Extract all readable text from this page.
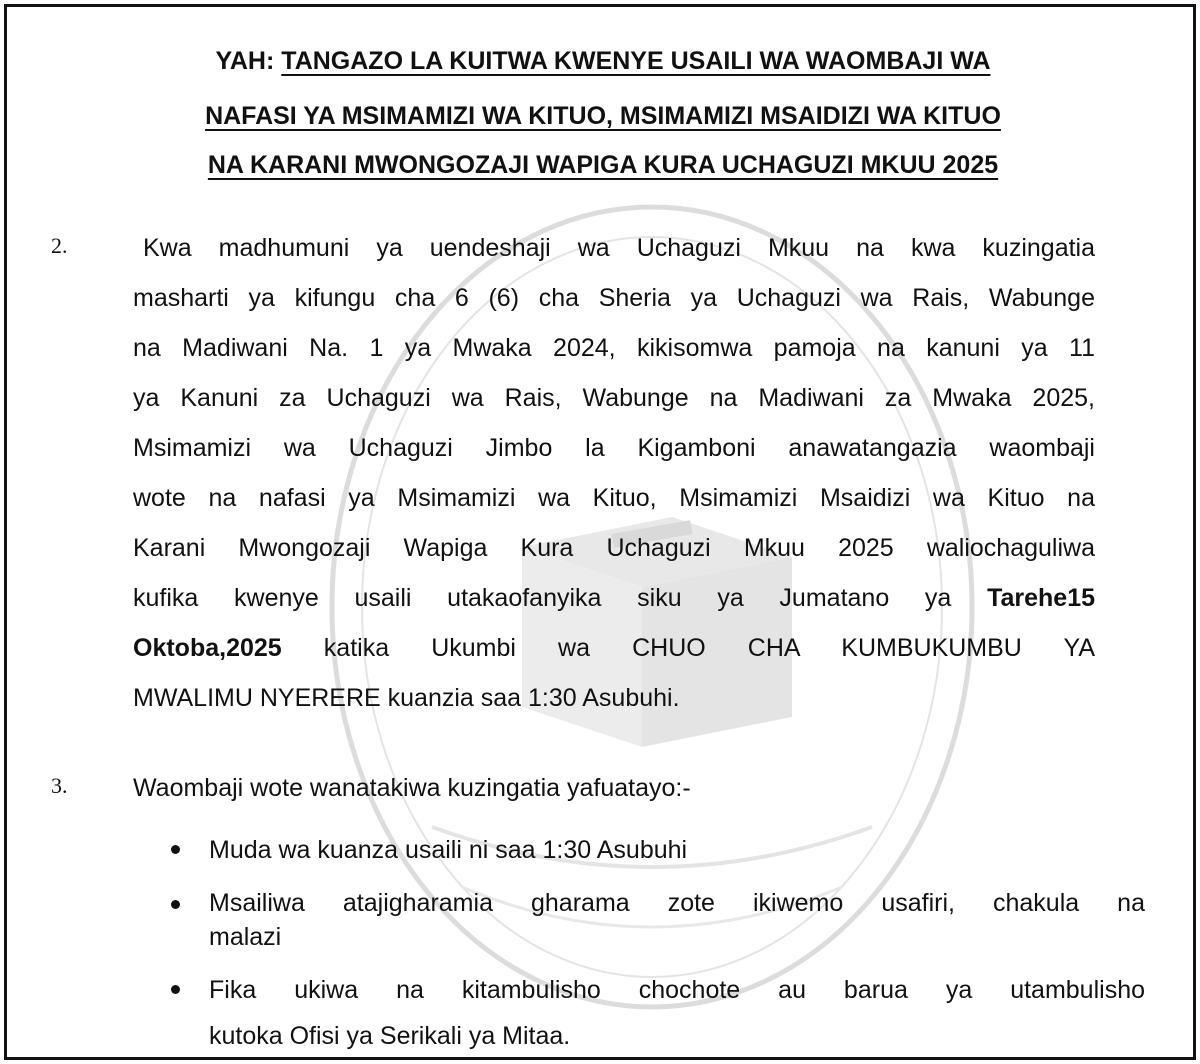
YAH: TANGAZO LA KUITWA KWENYE USAILI WA WAOMBAJI WA
NAFASI YA MSIMAMIZI WA KITUO, MSIMAMIZI MSAIDIZI WA KITUO
NA KARANI MWONGOZAJI WAPIGA KURA UCHAGUZI MKUU 2025
2.	Kwa madhumuni ya uendeshaji wa Uchaguzi Mkuu na kwa kuzingatia
masharti ya kifungu cha 6 (6) cha Sheria ya Uchaguzi wa Rais, Wabunge
na Madiwani Na. 1 ya Mwaka 2024, kikisomwa pamoja na kanuni ya 11
ya Kanuni za Uchaguzi wa Rais, Wabunge na Madiwani za Mwaka 2025,
Msimamizi wa Uchaguzi Jimbo la Kigamboni anawatangazia waombaji
wote na nafasi ya Msimamizi wa Kituo, Msimamizi Msaidizi wa Kituo na
Karani Mwongozaji Wapiga Kura Uchaguzi Mkuu 2025 waliochaguliwa
kufika kwenye usaili utakaofanyika siku ya Jumatano ya Tarehe15
Oktoba,2025 katika Ukumbi wa CHUO CHA KUMBUKUMBU YA
MWALIMU NYERERE kuanzia saa 1:30 Asubuhi.
3.	Waombaji wote wanatakiwa kuzingatia yafuatayo:-
Muda wa kuanza usaili ni saa 1:30 Asubuhi
Msailiwa atajigharamia gharama zote ikiwemo usafiri, chakula na
malazi
Fika ukiwa na kitambulisho chochote au barua ya utambulisho
kutoka Ofisi ya Serikali ya Mitaa.
